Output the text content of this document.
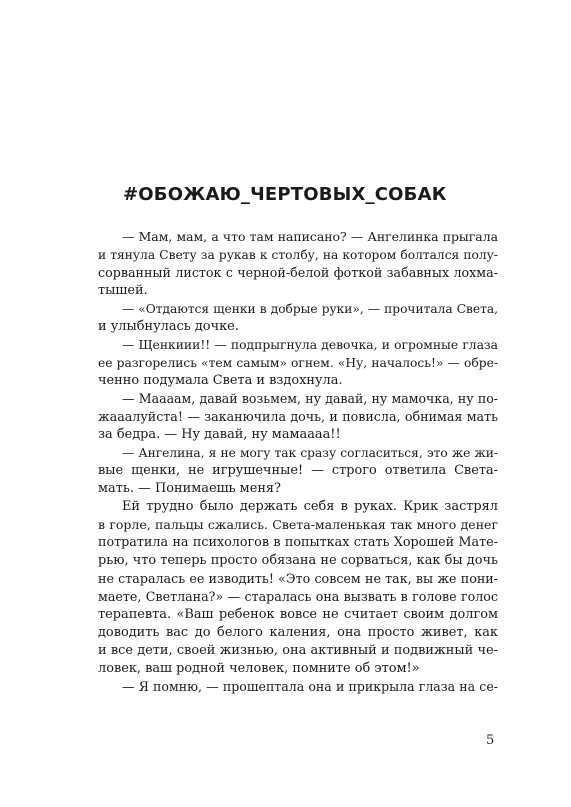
#ОБОЖАЮ_ЧЕРТОВЫХ_СОБАК
— Мам, мам, а что там написано? — Ангелинка прыгала
и тянула Свету за рукав к столбу, на котором болтался полу-
сорванный листок с черной-белой фоткой забавных лохма-
тышей.
— «Отдаются щенки в добрые руки», — прочитала Света,
и улыбнулась дочке.
— Щенкиии!! — подпрыгнула девочка, и огромные глаза
ее разгорелись «тем самым» огнем. «Ну, началось!» — обре-
ченно подумала Света и вздохнула.
— Маааам, давай возьмем, ну давай, ну мамочка, ну по-
жаaaлуйста! — заканючила дочь, и повисла, обнимая мать
за бедра. — Ну давай, ну мамаааа!!
— Ангелина, я не могу так сразу согласиться, это же жи-
вые щенки, не игрушечные! — строго ответила Света-
мать. — Понимаешь меня?
Ей трудно было держать себя в руках. Крик застрял
в горле, пальцы сжались. Света-маленькая так много денег
потратила на психологов в попытках стать Хорошей Мате-
рью, что теперь просто обязана не сорваться, как бы дочь
не старалась ее изводить! «Это совсем не так, вы же пони-
маете, Светлана?» — старалась она вызвать в голове голос
терапевта. «Ваш ребенок вовсе не считает своим долгом
доводить вас до белого каления, она просто живет, как
и все дети, своей жизнью, она активный и подвижный че-
ловек, ваш родной человек, помните об этом!»
— Я помню, — прошептала она и прикрыла глаза на се-

5
